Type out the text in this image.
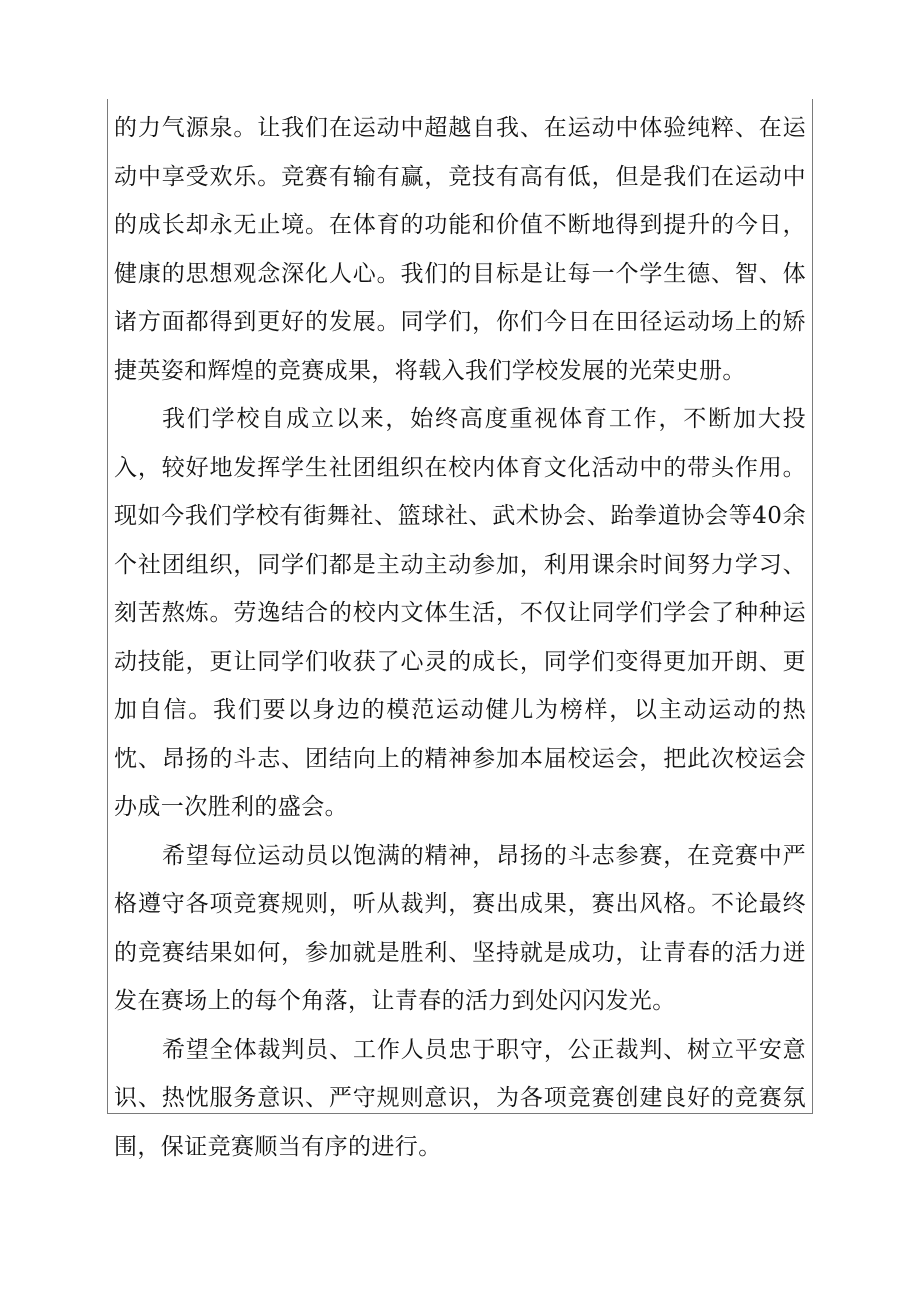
的力气源泉。让我们在运动中超越自我、在运动中体验纯粹、在运动中享受欢乐。竞赛有输有赢，竞技有高有低，但是我们在运动中的成长却永无止境。在体育的功能和价值不断地得到提升的今日，健康的思想观念深化人心。我们的目标是让每一个学生德、智、体诸方面都得到更好的发展。同学们，你们今日在田径运动场上的矫捷英姿和辉煌的竞赛成果，将载入我们学校发展的光荣史册。

我们学校自成立以来，始终高度重视体育工作，不断加大投入，较好地发挥学生社团组织在校内体育文化活动中的带头作用。现如今我们学校有街舞社、篮球社、武术协会、跆拳道协会等40余个社团组织，同学们都是主动主动参加，利用课余时间努力学习、刻苦熬炼。劳逸结合的校内文体生活，不仅让同学们学会了种种运动技能，更让同学们收获了心灵的成长，同学们变得更加开朗、更加自信。我们要以身边的模范运动健儿为榜样，以主动运动的热忱、昂扬的斗志、团结向上的精神参加本届校运会，把此次校运会办成一次胜利的盛会。

希望每位运动员以饱满的精神，昂扬的斗志参赛，在竞赛中严格遵守各项竞赛规则，听从裁判，赛出成果，赛出风格。不论最终的竞赛结果如何，参加就是胜利、坚持就是成功，让青春的活力迸发在赛场上的每个角落，让青春的活力到处闪闪发光。

希望全体裁判员、工作人员忠于职守，公正裁判、树立平安意识、热忱服务意识、严守规则意识，为各项竞赛创建良好的竞赛氛围，保证竞赛顺当有序的进行。
